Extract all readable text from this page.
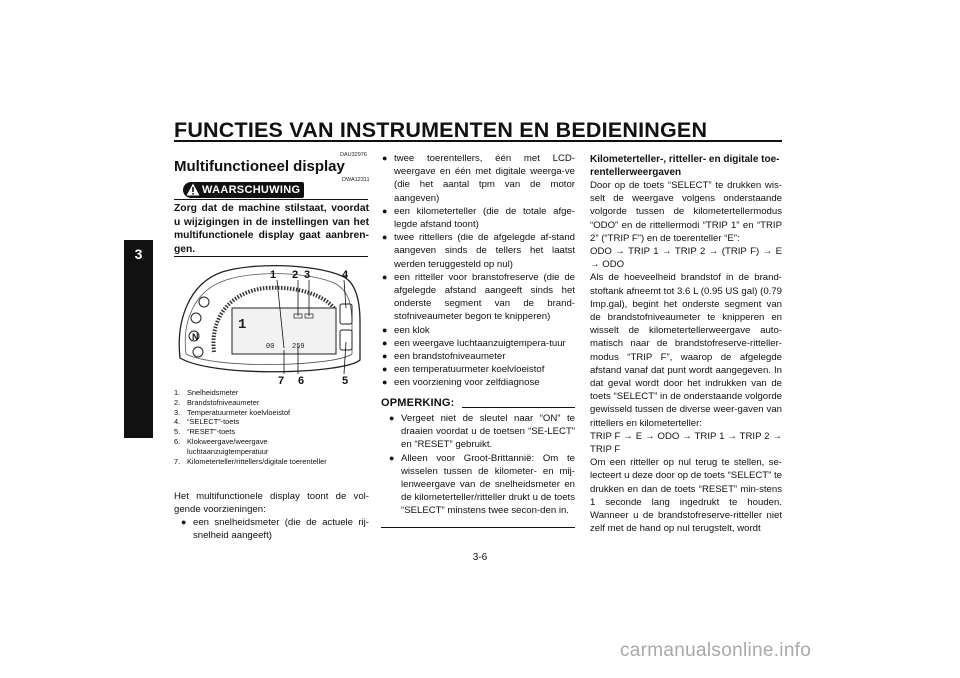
FUNCTIES VAN INSTRUMENTEN EN BEDIENINGEN
3
DAU32976
Multifunctioneel display
DWA12311
WAARSCHUWING
Zorg dat de machine stilstaat, voordat u wijzigingen in de instellingen van het multifunctionele display gaat aanbren-gen.
N
1
00	259
1 2 3	4
5
6
7
1. Snelheidsmeter
2. Brandstofniveaumeter
3. Temperatuurmeter koelvloeistof
4. “SELECT”-toets
5. “RESET”-toets
6. Klokweergave/weergave luchtaanzuigtemperatuur
7. Kilometerteller/rittellers/digitale toerenteller
Het multifunctionele display toont de vol-gende voorzieningen:
● een snelheidsmeter (die de actuele rij-snelheid aangeeft)
● twee toerentellers, één met LCD-weergave en één met digitale weerga-ve (die het aantal tpm van de motor aangeven)
● een kilometerteller (die de totale afge-legde afstand toont)
● twee rittellers (die de afgelegde af-stand aangeven sinds de tellers het laatst werden teruggesteld op nul)
● een ritteller voor branstofreserve (die de afgelegde afstand aangeeft sinds het onderste segment van de brand-stofniveaumeter begon te knipperen)
● een klok
● een weergave luchtaanzuigtempera-tuur
● een brandstofniveaumeter
● een temperatuurmeter koelvloeistof
● een voorziening voor zelfdiagnose
OPMERKING:
● Vergeet niet de sleutel naar “ON” te draaien voordat u de toetsen “SE-LECT” en “RESET” gebruikt.
● Alleen voor Groot-Brittannië: Om te wisselen tussen de kilometer- en mij-lenweergave van de snelheidsmeter en de kilometerteller/ritteller drukt u de toets “SELECT” minstens twee secon-den in.
Kilometerteller-, ritteller- en digitale toe-rentellerweergaven

Door op de toets “SELECT” te drukken wis-selt de weergave volgens onderstaande volgorde tussen de kilometertellermodus “ODO” en de rittellermodi “TRIP 1” en “TRIP 2” (“TRIP F”) en de toerenteller “E”:

ODO → TRIP 1 → TRIP 2 → (TRIP F) → E → ODO

Als de hoeveelheid brandstof in de brand-stoftank afneemt tot 3.6 L (0.95 US gal) (0.79 Imp.gal), begint het onderste segment van de brandstofniveaumeter te knipperen en wisselt de kilometertellerweergave auto-matisch naar de brandstofreserve-ritteller-modus “TRIP F”, waarop de afgelegde afstand vanaf dat punt wordt aangegeven. In dat geval wordt door het indrukken van de toets “SELECT” in de onderstaande volgorde gewisseld tussen de diverse weer-gaven van rittellers en kilometerteller:

TRIP F → E → ODO → TRIP 1 → TRIP 2 → TRIP F

Om een ritteller op nul terug te stellen, se-lecteert u deze door op de toets “SELECT” te drukken en dan de toets “RESET” min-stens 1 seconde lang ingedrukt te houden. Wanneer u de brandstofreserve-ritteller niet zelf met de hand op nul terugstelt, wordt

3-6
carmanualsonline.info
